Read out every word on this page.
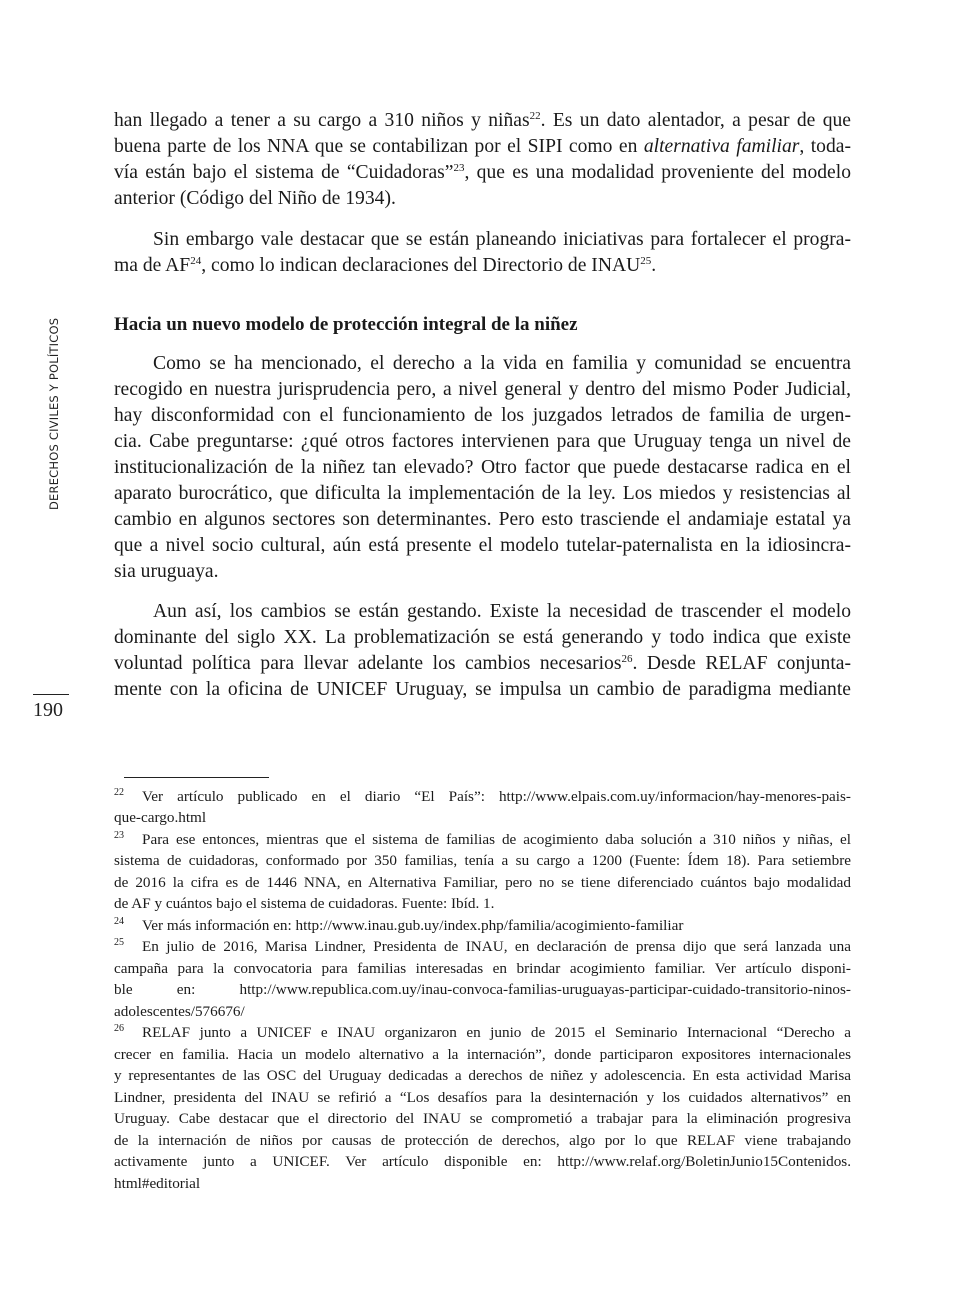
DERECHOS CIVILES Y POLÍTICOS
190
han llegado a tener a su cargo a 310 niños y niñas$^{22}$. Es un dato alentador, a pesar de que
buena parte de los NNA que se contabilizan por el SIPI como en alternativa familiar, toda-
vía están bajo el sistema de “Cuidadoras”$^{23}$, que es una modalidad proveniente del modelo
anterior (Código del Niño de 1934).
Sin embargo vale destacar que se están planeando iniciativas para fortalecer el progra-
ma de AF$^{24}$, como lo indican declaraciones del Directorio de INAU$^{25}$.
Hacia un nuevo modelo de protección integral de la niñez
Como se ha mencionado, el derecho a la vida en familia y comunidad se encuentra
recogido en nuestra jurisprudencia pero, a nivel general y dentro del mismo Poder Judicial,
hay disconformidad con el funcionamiento de los juzgados letrados de familia de urgen-
cia. Cabe preguntarse: ¿qué otros factores intervienen para que Uruguay tenga un nivel de
institucionalización de la niñez tan elevado? Otro factor que puede destacarse radica en el
aparato burocrático, que dificulta la implementación de la ley. Los miedos y resistencias al
cambio en algunos sectores son determinantes. Pero esto trasciende el andamiaje estatal ya
que a nivel socio cultural, aún está presente el modelo tutelar-paternalista en la idiosincra-
sia uruguaya.
Aun así, los cambios se están gestando. Existe la necesidad de trascender el modelo
dominante del siglo XX. La problematización se está generando y todo indica que existe
voluntad política para llevar adelante los cambios necesarios$^{26}$. Desde RELAF conjunta-
mente con la oficina de UNICEF Uruguay, se impulsa un cambio de paradigma mediante
22 Ver artículo publicado en el diario “El País”: http://www.elpais.com.uy/informacion/hay-menores-pais-
que-cargo.html
23 Para ese entonces, mientras que el sistema de familias de acogimiento daba solución a 310 niños y niñas, el
sistema de cuidadoras, conformado por 350 familias, tenía a su cargo a 1200 (Fuente: Ídem 18). Para setiembre
de 2016 la cifra es de 1446 NNA, en Alternativa Familiar, pero no se tiene diferenciado cuántos bajo modalidad
de AF y cuántos bajo el sistema de cuidadoras. Fuente: Ibíd. 1.
24 Ver más información en: http://www.inau.gub.uy/index.php/familia/acogimiento-familiar
25 En julio de 2016, Marisa Lindner, Presidenta de INAU, en declaración de prensa dijo que será lanzada una
campaña para la convocatoria para familias interesadas en brindar acogimiento familiar. Ver artículo disponi-
ble en: http://www.republica.com.uy/inau-convoca-familias-uruguayas-participar-cuidado-transitorio-ninos-
adolescentes/576676/
26 RELAF junto a UNICEF e INAU organizaron en junio de 2015 el Seminario Internacional “Derecho a
crecer en familia. Hacia un modelo alternativo a la internación”, donde participaron expositores internacionales
y representantes de las OSC del Uruguay dedicadas a derechos de niñez y adolescencia. En esta actividad Marisa
Lindner, presidenta del INAU se refirió a “Los desafíos para la desinternación y los cuidados alternativos” en
Uruguay. Cabe destacar que el directorio del INAU se comprometió a trabajar para la eliminación progresiva
de la internación de niños por causas de protección de derechos, algo por lo que RELAF viene trabajando
activamente junto a UNICEF. Ver artículo disponible en: http://www.relaf.org/BoletinJunio15Contenidos.
html#editorial
